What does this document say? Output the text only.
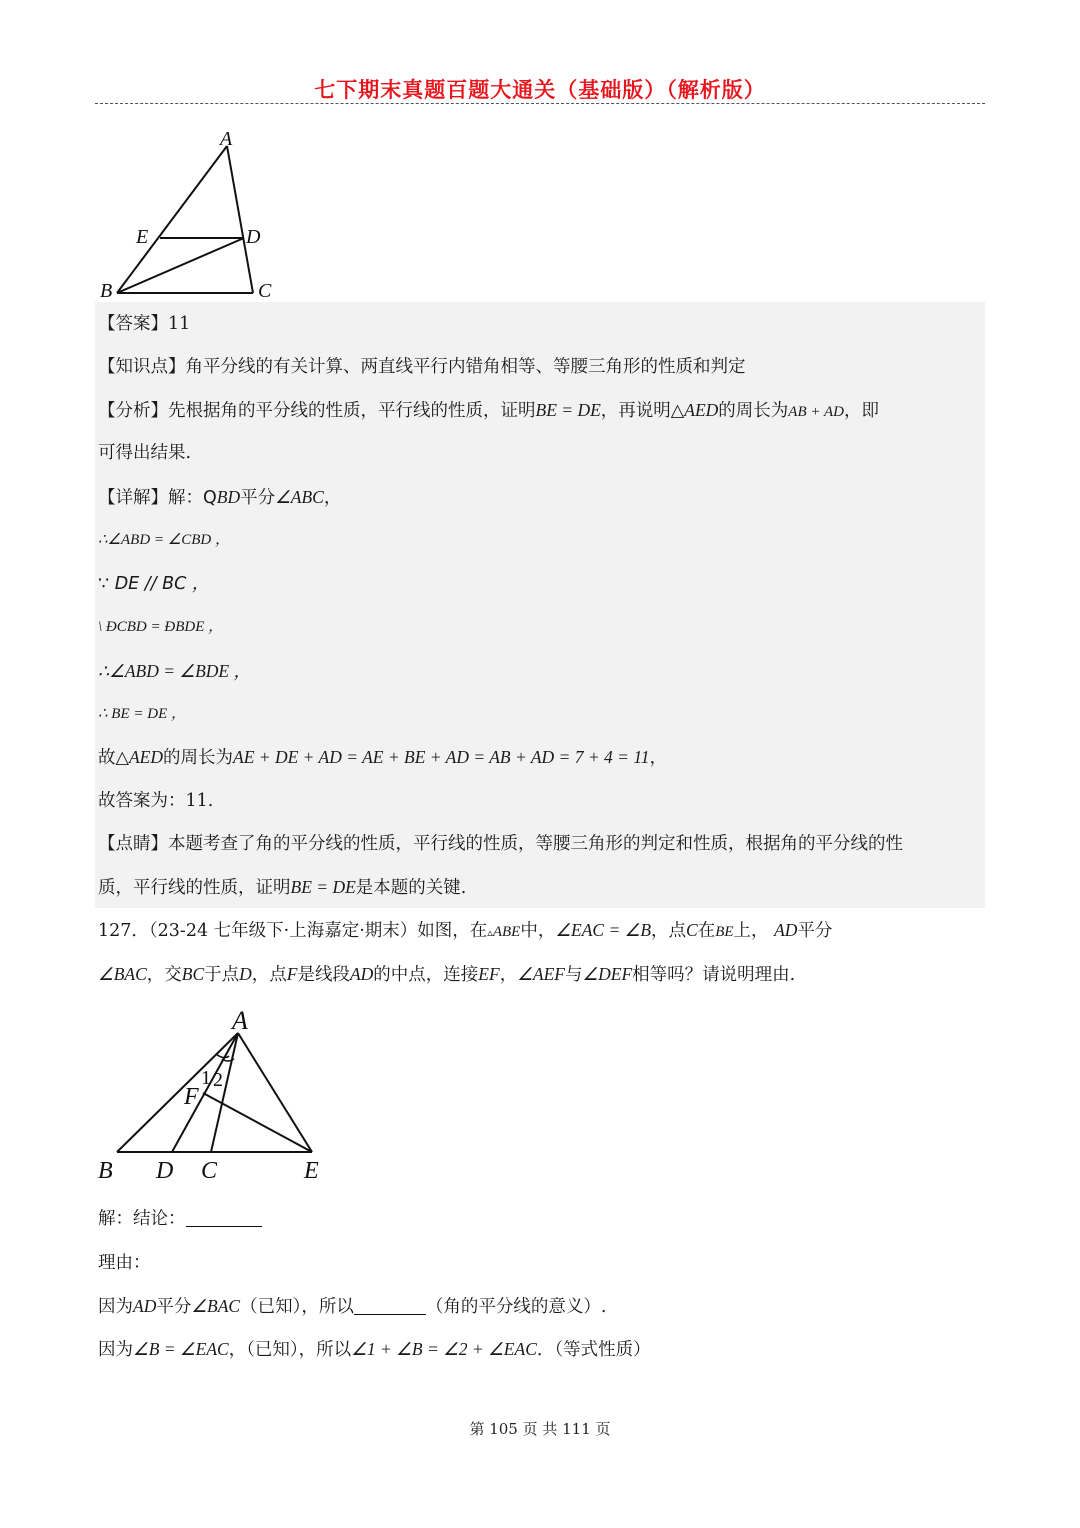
七下期末真题百题大通关（基础版）（解析版）
A
E	D
B	C
【答案】11
【知识点】角平分线的有关计算、两直线平行内错角相等、等腰三角形的性质和判定
【分析】先根据角的平分线的性质，平行线的性质，证明BE = DE，再说明△AED的周长为AB + AD，即
可得出结果.
【详解】解：QBD平分∠ABC，
∴∠ABD = ∠CBD ，
∵ DE // BC ，
\ ÐCBD = ÐBDE ，
∴∠ABD = ∠BDE ，
∴ BE = DE ，
故△AED的周长为AE + DE + AD = AE + BE + AD = AB + AD = 7 + 4 = 11，
故答案为：11.
【点睛】本题考查了角的平分线的性质，平行线的性质，等腰三角形的判定和性质，根据角的平分线的性
质，平行线的性质，证明BE = DE是本题的关键.
127．（23-24 七年级下·上海嘉定·期末）如图，在▵ABE中，∠EAC = ∠B，点C在BE上， AD平分
∠BAC，交BC于点D，点F是线段AD的中点，连接EF，∠AEF与∠DEF相等吗？请说明理由.
A
1 2
F
B D C	E
解：结论：
理由：
因为AD平分∠BAC（已知），所以	（角的平分线的意义）.
因为∠B = ∠EAC，（已知），所以∠1 + ∠B = ∠2 + ∠EAC．（等式性质）
第 105 页 共 111 页
